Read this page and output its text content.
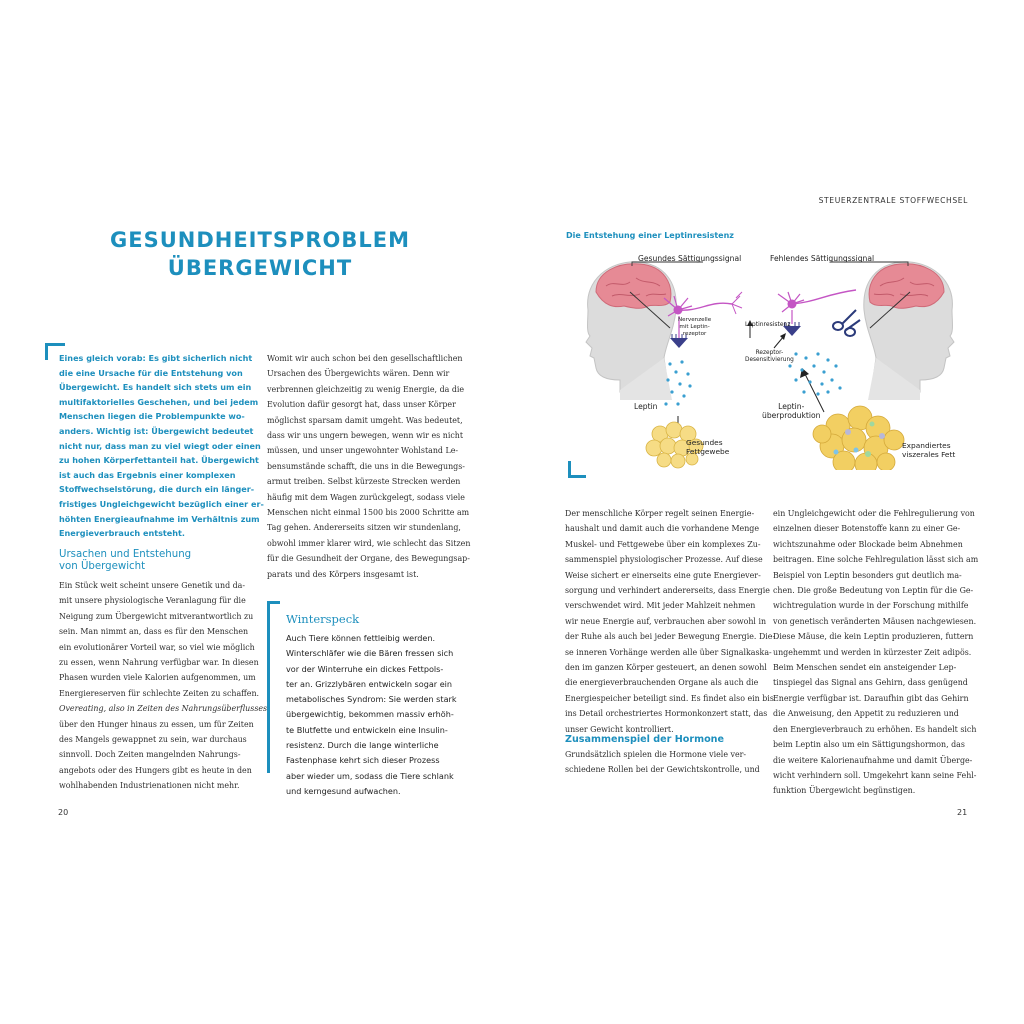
STEUERZENTRALE STOFFWECHSEL
GESUNDHEITSPROBLEM
ÜBERGEWICHT
Eines gleich vorab: Es gibt sicherlich nicht
die eine Ursache für die Entstehung von
Übergewicht. Es handelt sich stets um ein
multifaktorielles Geschehen, und bei jedem
Menschen liegen die Problempunkte wo-
anders. Wichtig ist: Übergewicht bedeutet
nicht nur, dass man zu viel wiegt oder einen
zu hohen Körperfettanteil hat. Übergewicht
ist auch das Ergebnis einer komplexen
Stoffwechselstörung, die durch ein länger-
fristiges Ungleichgewicht bezüglich einer er-
höhten Energieaufnahme im Verhältnis zum
Energieverbrauch entsteht.
Ursachen und Entstehung
von Übergewicht
Ein Stück weit scheint unsere Genetik und da-
mit unsere physiologische Veranlagung für die
Neigung zum Übergewicht mitverantwortlich zu
sein. Man nimmt an, dass es für den Menschen
ein evolutionärer Vorteil war, so viel wie möglich
zu essen, wenn Nahrung verfügbar war. In diesen
Phasen wurden viele Kalorien aufgenommen, um
Energiereserven für schlechte Zeiten zu schaffen.
Overeating, also in Zeiten des Nahrungsüberflusses
über den Hunger hinaus zu essen, um für Zeiten
des Mangels gewappnet zu sein, war durchaus
sinnvoll. Doch Zeiten mangelnden Nahrungs-
angebots oder des Hungers gibt es heute in den
wohlhabenden Industrienationen nicht mehr.
Womit wir auch schon bei den gesellschaftlichen
Ursachen des Übergewichts wären. Denn wir
verbrennen gleichzeitig zu wenig Energie, da die
Evolution dafür gesorgt hat, dass unser Körper
möglichst sparsam damit umgeht. Was bedeutet,
dass wir uns ungern bewegen, wenn wir es nicht
müssen, und unser ungewohnter Wohlstand Le-
bensumstände schafft, die uns in die Bewegungs-
armut treiben. Selbst kürzeste Strecken werden
häufig mit dem Wagen zurückgelegt, sodass viele
Menschen nicht einmal 1500 bis 2000 Schritte am
Tag gehen. Andererseits sitzen wir stundenlang,
obwohl immer klarer wird, wie schlecht das Sitzen
für die Gesundheit der Organe, des Bewegungsap-
parats und des Körpers insgesamt ist.
Winterspeck
Auch Tiere können fettleibig werden.
Winterschläfer wie die Bären fressen sich
vor der Winterruhe ein dickes Fettpols-
ter an. Grizzlybären entwickeln sogar ein
metabolisches Syndrom: Sie werden stark
übergewichtig, bekommen massiv erhöh-
te Blutfette und entwickeln eine Insulin-
resistenz. Durch die lange winterliche
Fastenphase kehrt sich dieser Prozess
aber wieder um, sodass die Tiere schlank
und kerngesund aufwachen.
20	21
Die Entstehung einer Leptinresistenz
Gesundes Sättigungssignal	Fehlendes Sättigungssignal
Nervenzelle
mit Leptin-
rezeptor
Leptin
Gesundes
Fettgewebe
Leptinresistenz
Rezeptor-
Desensitivierung
Leptin-
überproduktion
Expandiertes
viszerales Fett
Der menschliche Körper regelt seinen Energie-
haushalt und damit auch die vorhandene Menge
Muskel- und Fettgewebe über ein komplexes Zu-
sammenspiel physiologischer Prozesse. Auf diese
Weise sichert er einerseits eine gute Energiever-
sorgung und verhindert andererseits, dass Energie
verschwendet wird. Mit jeder Mahlzeit nehmen
wir neue Energie auf, verbrauchen aber sowohl in
der Ruhe als auch bei jeder Bewegung Energie. Die-
se inneren Vorhänge werden alle über Signalkaska-
den im ganzen Körper gesteuert, an denen sowohl
die energieverbrauchenden Organe als auch die
Energiespeicher beteiligt sind. Es findet also ein bis
ins Detail orchestriertes Hormonkonzert statt, das
unser Gewicht kontrolliert.
Zusammenspiel der Hormone
Grundsätzlich spielen die Hormone viele ver-
schiedene Rollen bei der Gewichtskontrolle, und
ein Ungleichgewicht oder die Fehlregulierung von
einzelnen dieser Botenstoffe kann zu einer Ge-
wichtszunahme oder Blockade beim Abnehmen
beitragen. Eine solche Fehlregulation lässt sich am
Beispiel von Leptin besonders gut deutlich ma-
chen. Die große Bedeutung von Leptin für die Ge-
wichtregulation wurde in der Forschung mithilfe
von genetisch veränderten Mäusen nachgewiesen.
Diese Mäuse, die kein Leptin produzieren, futtern
ungehemmt und werden in kürzester Zeit adipös.
Beim Menschen sendet ein ansteigender Lep-
tinspiegel das Signal ans Gehirn, dass genügend
Energie verfügbar ist. Daraufhin gibt das Gehirn
die Anweisung, den Appetit zu reduzieren und
den Energieverbrauch zu erhöhen. Es handelt sich
beim Leptin also um ein Sättigungshormon, das
die weitere Kalorienaufnahme und damit Überge-
wicht verhindern soll. Umgekehrt kann seine Fehl-
funktion Übergewicht begünstigen.
